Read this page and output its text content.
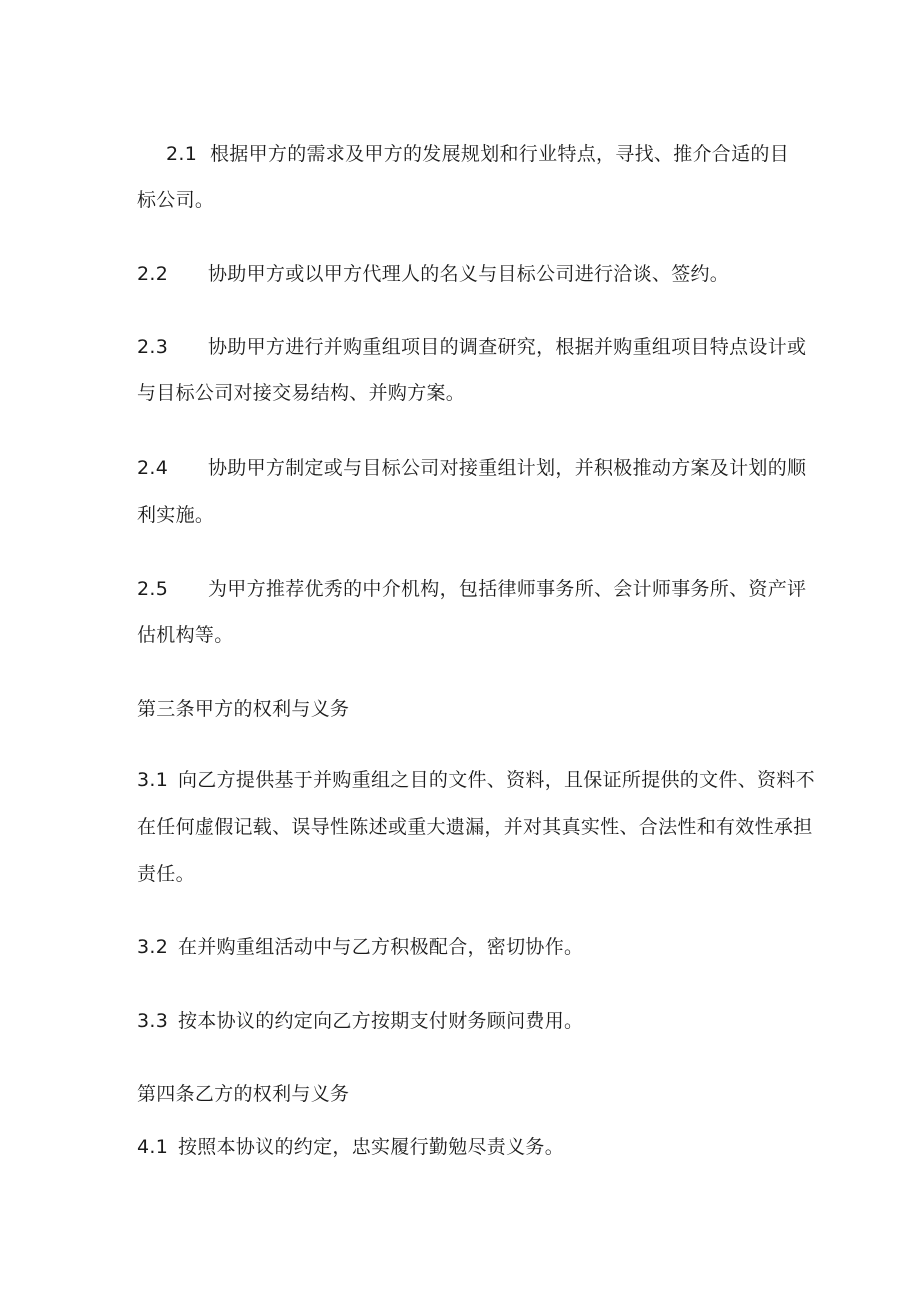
2.1 根据甲方的需求及甲方的发展规划和行业特点，寻找、推介合适的目
标公司。
2.2 协助甲方或以甲方代理人的名义与目标公司进行洽谈、签约。
2.3 协助甲方进行并购重组项目的调查研究，根据并购重组项目特点设计或
与目标公司对接交易结构、并购方案。
2.4 协助甲方制定或与目标公司对接重组计划，并积极推动方案及计划的顺
利实施。
2.5 为甲方推荐优秀的中介机构，包括律师事务所、会计师事务所、资产评
估机构等。
第三条甲方的权利与义务
3.1 向乙方提供基于并购重组之目的文件、资料，且保证所提供的文件、资料不
在任何虚假记载、误导性陈述或重大遗漏，并对其真实性、合法性和有效性承担
责任。
3.2 在并购重组活动中与乙方积极配合，密切协作。
3.3 按本协议的约定向乙方按期支付财务顾问费用。
第四条乙方的权利与义务
4.1 按照本协议的约定，忠实履行勤勉尽责义务。
